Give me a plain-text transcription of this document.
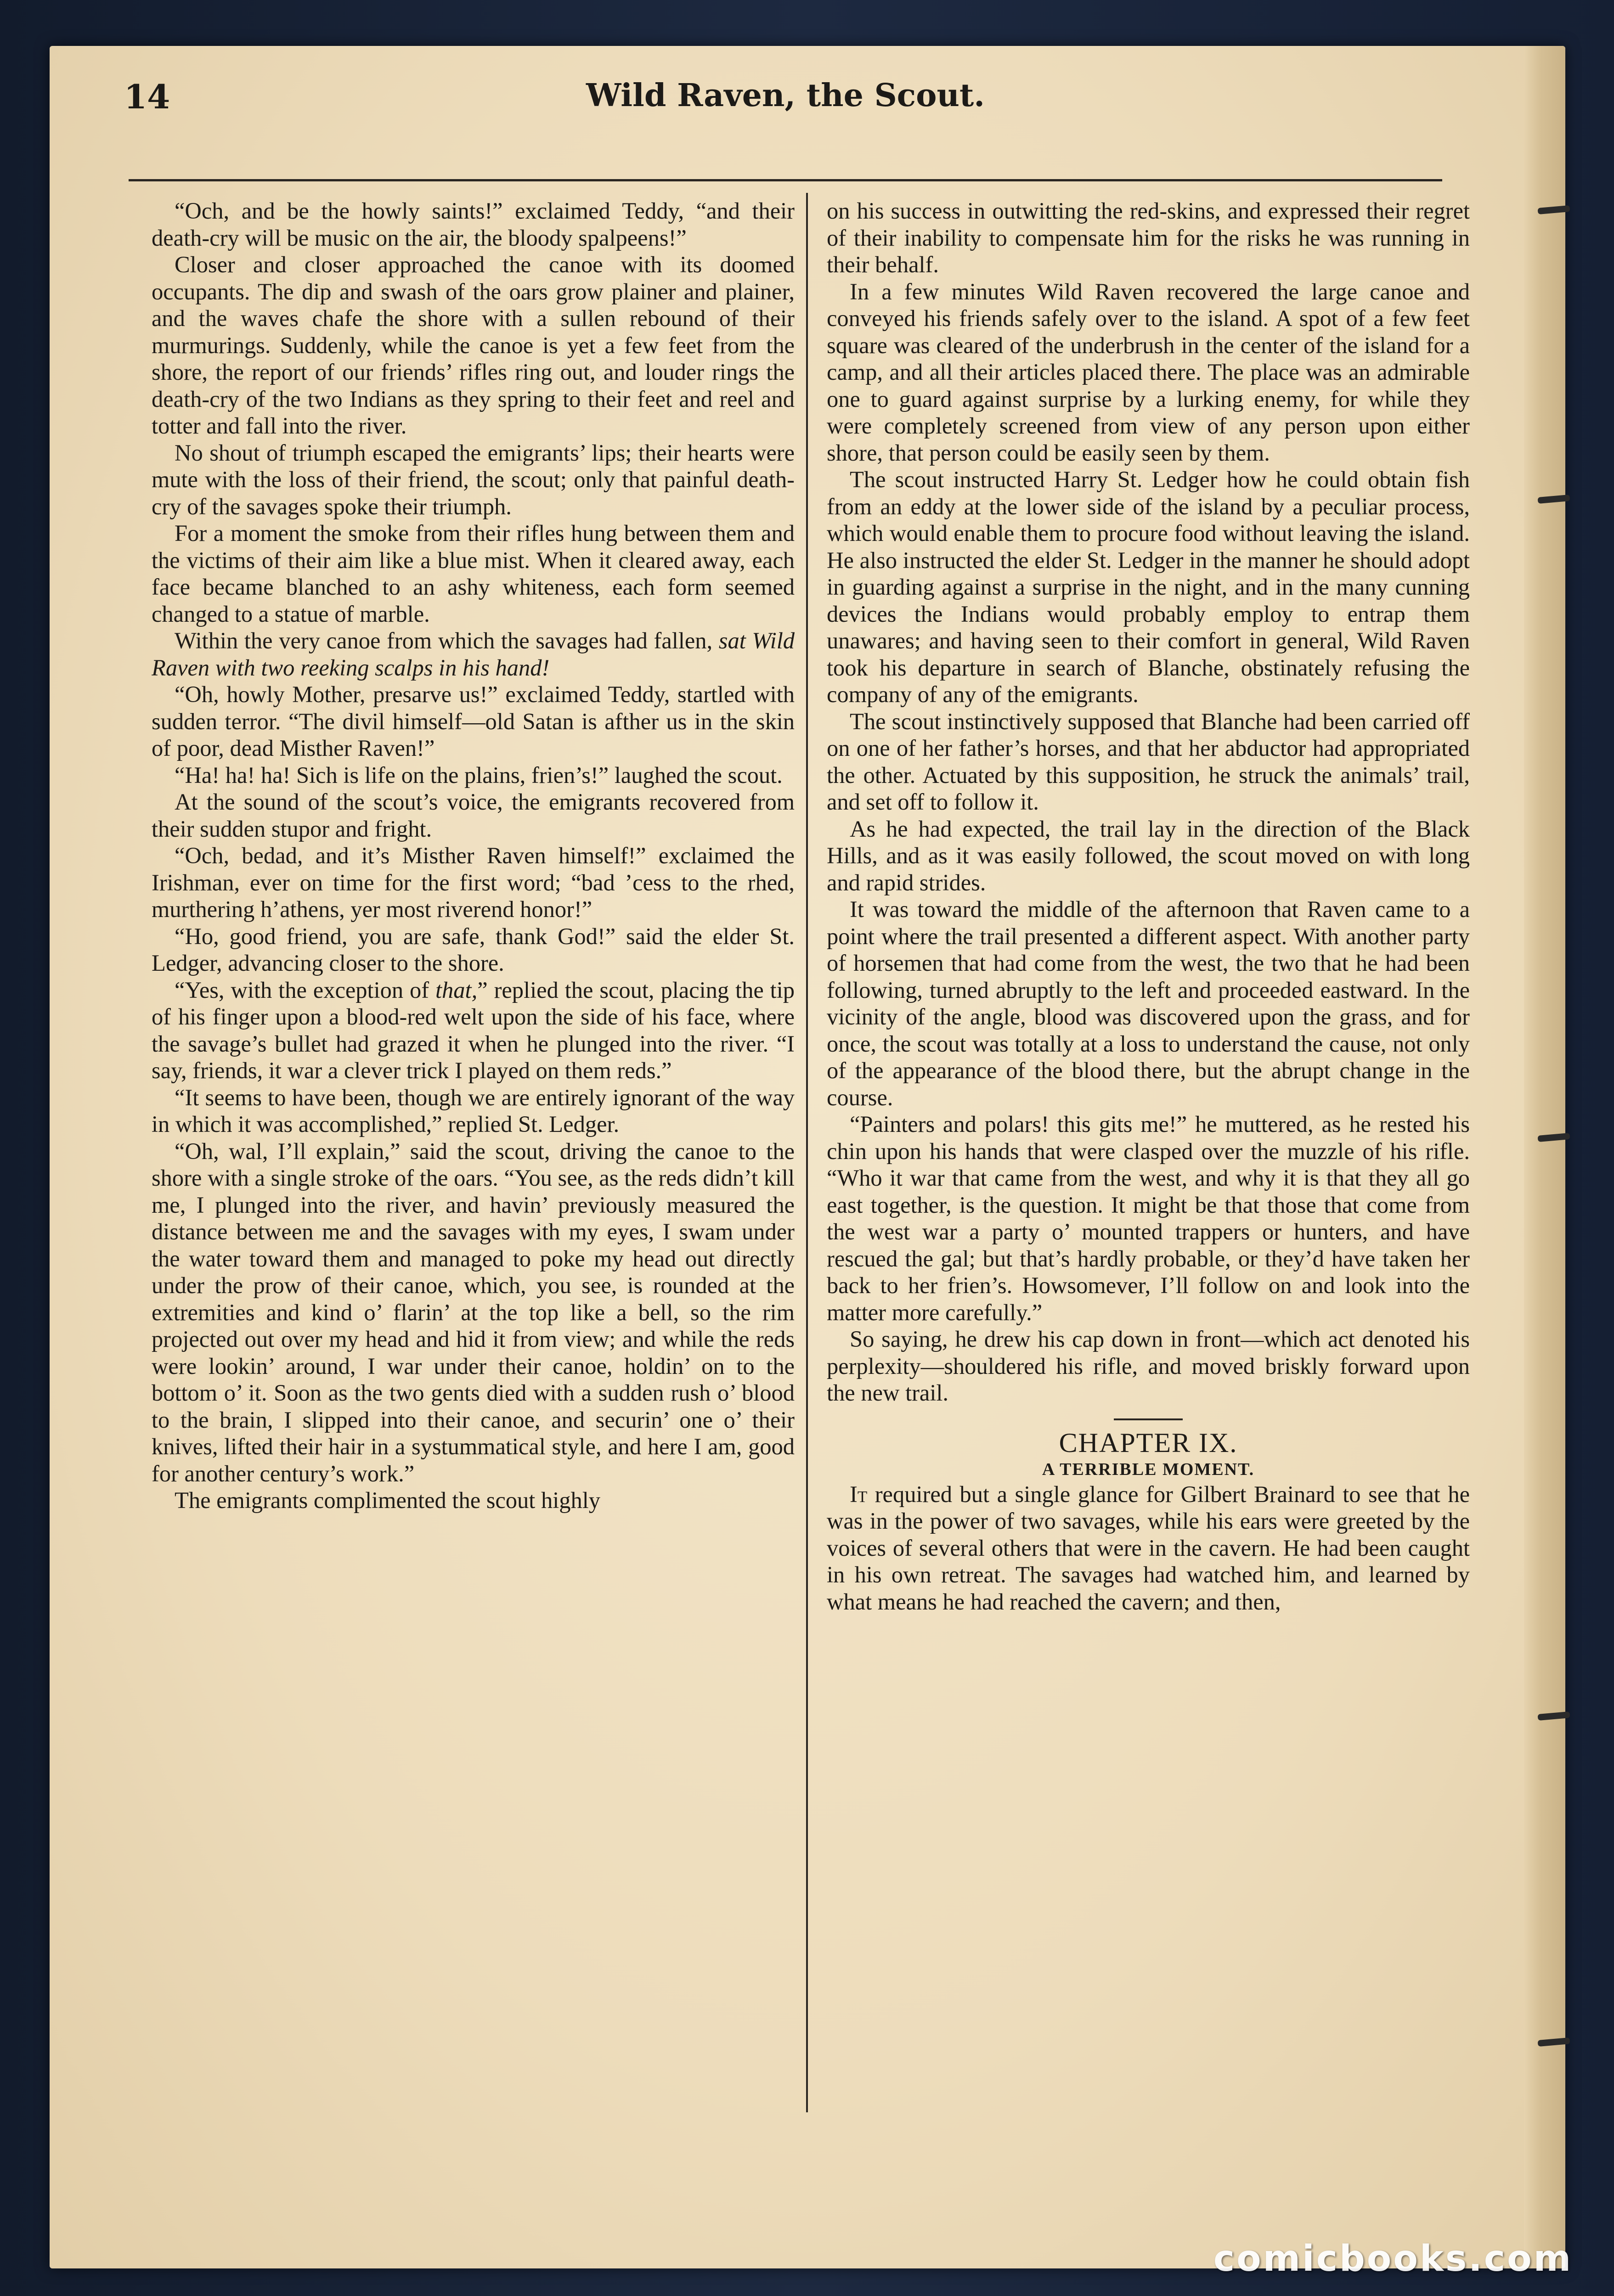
14	Wild Raven, the Scout.

“Och, and be the howly saints!” exclaimed Teddy, “and their death-cry will be music on the air, the bloody spalpeens!”

Closer and closer approached the canoe with its doomed occupants. The dip and swash of the oars grow plainer and plainer, and the waves chafe the shore with a sullen rebound of their murmurings. Suddenly, while the canoe is yet a few feet from the shore, the report of our friends’ rifles ring out, and louder rings the death-cry of the two Indians as they spring to their feet and reel and totter and fall into the river.

No shout of triumph escaped the emigrants’ lips; their hearts were mute with the loss of their friend, the scout; only that painful death-cry of the savages spoke their triumph.

For a moment the smoke from their rifles hung between them and the victims of their aim like a blue mist. When it cleared away, each face became blanched to an ashy whiteness, each form seemed changed to a statue of marble.

Within the very canoe from which the savages had fallen, sat Wild Raven with two reeking scalps in his hand!

“Oh, howly Mother, presarve us!” exclaimed Teddy, startled with sudden terror. “The divil himself—old Satan is afther us in the skin of poor, dead Misther Raven!”

“Ha! ha! ha! Sich is life on the plains, frien’s!” laughed the scout.

At the sound of the scout’s voice, the emigrants recovered from their sudden stupor and fright.

“Och, bedad, and it’s Misther Raven himself!” exclaimed the Irishman, ever on time for the first word; “bad ’cess to the rhed, murthering h’athens, yer most riverend honor!”

“Ho, good friend, you are safe, thank God!” said the elder St. Ledger, advancing closer to the shore.

“Yes, with the exception of that,” replied the scout, placing the tip of his finger upon a blood-red welt upon the side of his face, where the savage’s bullet had grazed it when he plunged into the river. “I say, friends, it war a clever trick I played on them reds.”

“It seems to have been, though we are entirely ignorant of the way in which it was accomplished,” replied St. Ledger.

“Oh, wal, I’ll explain,” said the scout, driving the canoe to the shore with a single stroke of the oars. “You see, as the reds didn’t kill me, I plunged into the river, and havin’ previously measured the distance between me and the savages with my eyes, I swam under the water toward them and managed to poke my head out directly under the prow of their canoe, which, you see, is rounded at the extremities and kind o’ flarin’ at the top like a bell, so the rim projected out over my head and hid it from view; and while the reds were lookin’ around, I war under their canoe, holdin’ on to the bottom o’ it. Soon as the two gents died with a sudden rush o’ blood to the brain, I slipped into their canoe, and securin’ one o’ their knives, lifted their hair in a systummatical style, and here I am, good for another century’s work.”

The emigrants complimented the scout highly

on his success in outwitting the red-skins, and expressed their regret of their inability to compensate him for the risks he was running in their behalf.

In a few minutes Wild Raven recovered the large canoe and conveyed his friends safely over to the island. A spot of a few feet square was cleared of the underbrush in the center of the island for a camp, and all their articles placed there. The place was an admirable one to guard against surprise by a lurking enemy, for while they were completely screened from view of any person upon either shore, that person could be easily seen by them.

The scout instructed Harry St. Ledger how he could obtain fish from an eddy at the lower side of the island by a peculiar process, which would enable them to procure food without leaving the island. He also instructed the elder St. Ledger in the manner he should adopt in guarding against a surprise in the night, and in the many cunning devices the Indians would probably employ to entrap them unawares; and having seen to their comfort in general, Wild Raven took his departure in search of Blanche, obstinately refusing the company of any of the emigrants.

The scout instinctively supposed that Blanche had been carried off on one of her father’s horses, and that her abductor had appropriated the other. Actuated by this supposition, he struck the animals’ trail, and set off to follow it.

As he had expected, the trail lay in the direction of the Black Hills, and as it was easily followed, the scout moved on with long and rapid strides.

It was toward the middle of the afternoon that Raven came to a point where the trail presented a different aspect. With another party of horsemen that had come from the west, the two that he had been following, turned abruptly to the left and proceeded eastward. In the vicinity of the angle, blood was discovered upon the grass, and for once, the scout was totally at a loss to understand the cause, not only of the appearance of the blood there, but the abrupt change in the course.

“Painters and polars! this gits me!” he muttered, as he rested his chin upon his hands that were clasped over the muzzle of his rifle. “Who it war that came from the west, and why it is that they all go east together, is the question. It might be that those that come from the west war a party o’ mounted trappers or hunters, and have rescued the gal; but that’s hardly probable, or they’d have taken her back to her frien’s. Howsomever, I’ll follow on and look into the matter more carefully.”

So saying, he drew his cap down in front—which act denoted his perplexity—shouldered his rifle, and moved briskly forward upon the new trail.

CHAPTER IX.
A TERRIBLE MOMENT.

It required but a single glance for Gilbert Brainard to see that he was in the power of two savages, while his ears were greeted by the voices of several others that were in the cavern. He had been caught in his own retreat. The savages had watched him, and learned by what means he had reached the cavern; and then,

comicbooks.com
